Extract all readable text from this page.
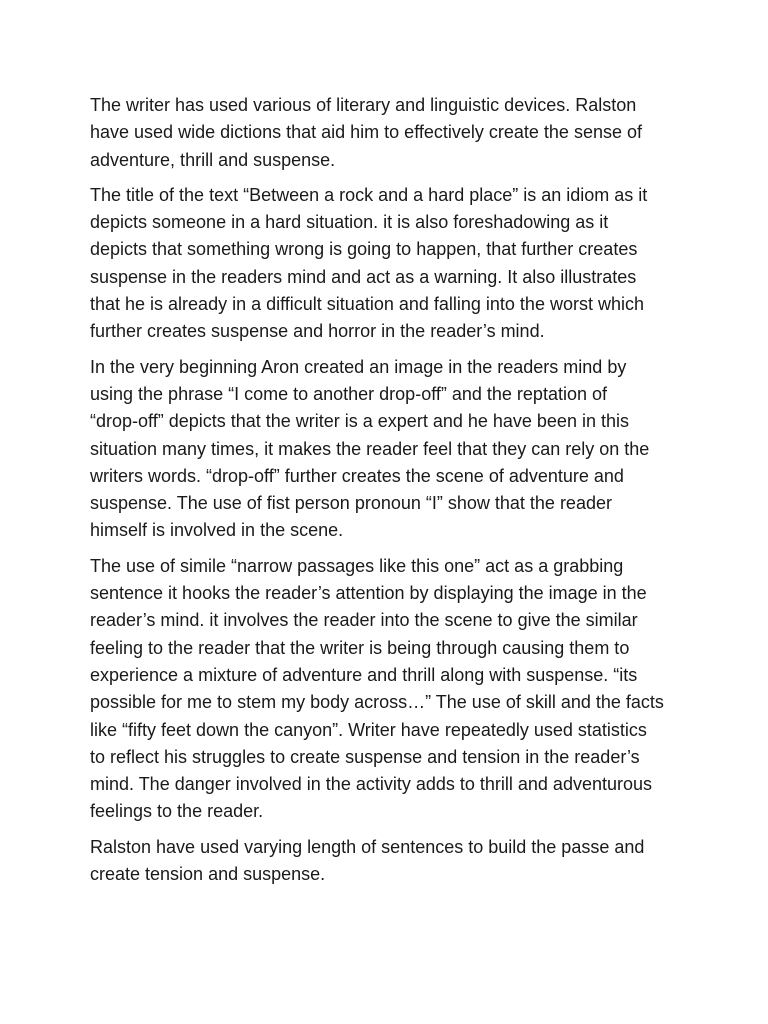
The writer has used various of literary and linguistic devices. Ralston
have used wide dictions that aid him to effectively create the sense of
adventure, thrill and suspense.

The title of the text “Between a rock and a hard place” is an idiom as it
depicts someone in a hard situation. it is also foreshadowing as it
depicts that something wrong is going to happen, that further creates
suspense in the readers mind and act as a warning. It also illustrates
that he is already in a difficult situation and falling into the worst which
further creates suspense and horror in the reader’s mind.

In the very beginning Aron created an image in the readers mind by
using the phrase “I come to another drop-off” and the reptation of
“drop-off” depicts that the writer is a expert and he have been in this
situation many times, it makes the reader feel that they can rely on the
writers words. “drop-off” further creates the scene of adventure and
suspense. The use of fist person pronoun “I” show that the reader
himself is involved in the scene.

The use of simile “narrow passages like this one” act as a grabbing
sentence it hooks the reader’s attention by displaying the image in the
reader’s mind. it involves the reader into the scene to give the similar
feeling to the reader that the writer is being through causing them to
experience a mixture of adventure and thrill along with suspense. “its
possible for me to stem my body across…” The use of skill and the facts
like “fifty feet down the canyon”. Writer have repeatedly used statistics
to reflect his struggles to create suspense and tension in the reader’s
mind. The danger involved in the activity adds to thrill and adventurous
feelings to the reader.

Ralston have used varying length of sentences to build the passe and
create tension and suspense.
